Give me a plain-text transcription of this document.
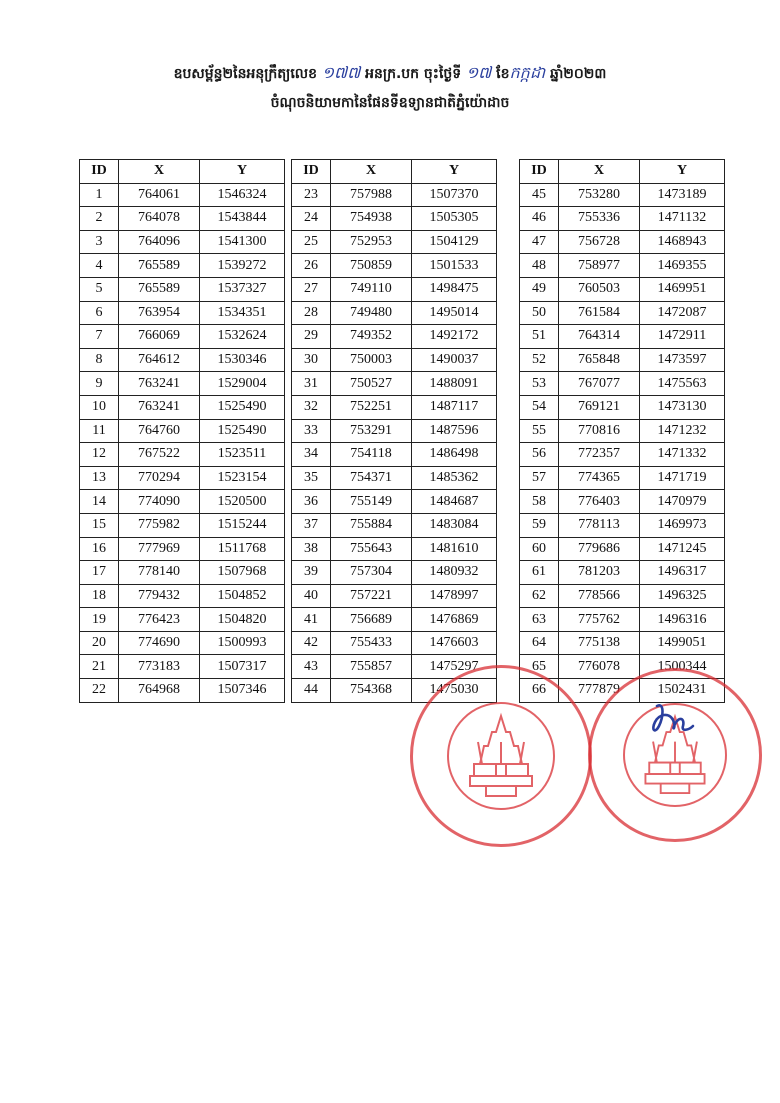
ឧបសម្ព័ន្ធ២នៃអនុក្រឹត្យលេខ ១៧៧ អនក្រ.បក ចុះថ្ងៃទី ១៧ ខែកក្កដា ឆ្នាំ២០២៣
ចំណុចនិយាមកានៃផែនទីឧទ្យានជាតិភ្នំយ៉ោដាច
ID	X	Y
1	764061	1546324
2	764078	1543844
3	764096	1541300
4	765589	1539272
5	765589	1537327
6	763954	1534351
7	766069	1532624
8	764612	1530346
9	763241	1529004
10	763241	1525490
11	764760	1525490
12	767522	1523511
13	770294	1523154
14	774090	1520500
15	775982	1515244
16	777969	1511768
17	778140	1507968
18	779432	1504852
19	776423	1504820
20	774690	1500993
21	773183	1507317
22	764968	1507346
ID	X	Y
23	757988	1507370
24	754938	1505305
25	752953	1504129
26	750859	1501533
27	749110	1498475
28	749480	1495014
29	749352	1492172
30	750003	1490037
31	750527	1488091
32	752251	1487117
33	753291	1487596
34	754118	1486498
35	754371	1485362
36	755149	1484687
37	755884	1483084
38	755643	1481610
39	757304	1480932
40	757221	1478997
41	756689	1476869
42	755433	1476603
43	755857	1475297
44	754368	1475030
ID	X	Y
45	753280	1473189
46	755336	1471132
47	756728	1468943
48	758977	1469355
49	760503	1469951
50	761584	1472087
51	764314	1472911
52	765848	1473597
53	767077	1475563
54	769121	1473130
55	770816	1471232
56	772357	1471332
57	774365	1471719
58	776403	1470979
59	778113	1469973
60	779686	1471245
61	781203	1496317
62	778566	1496325
63	775762	1496316
64	775138	1499051
65	776078	1500344
66	777879	1502431
